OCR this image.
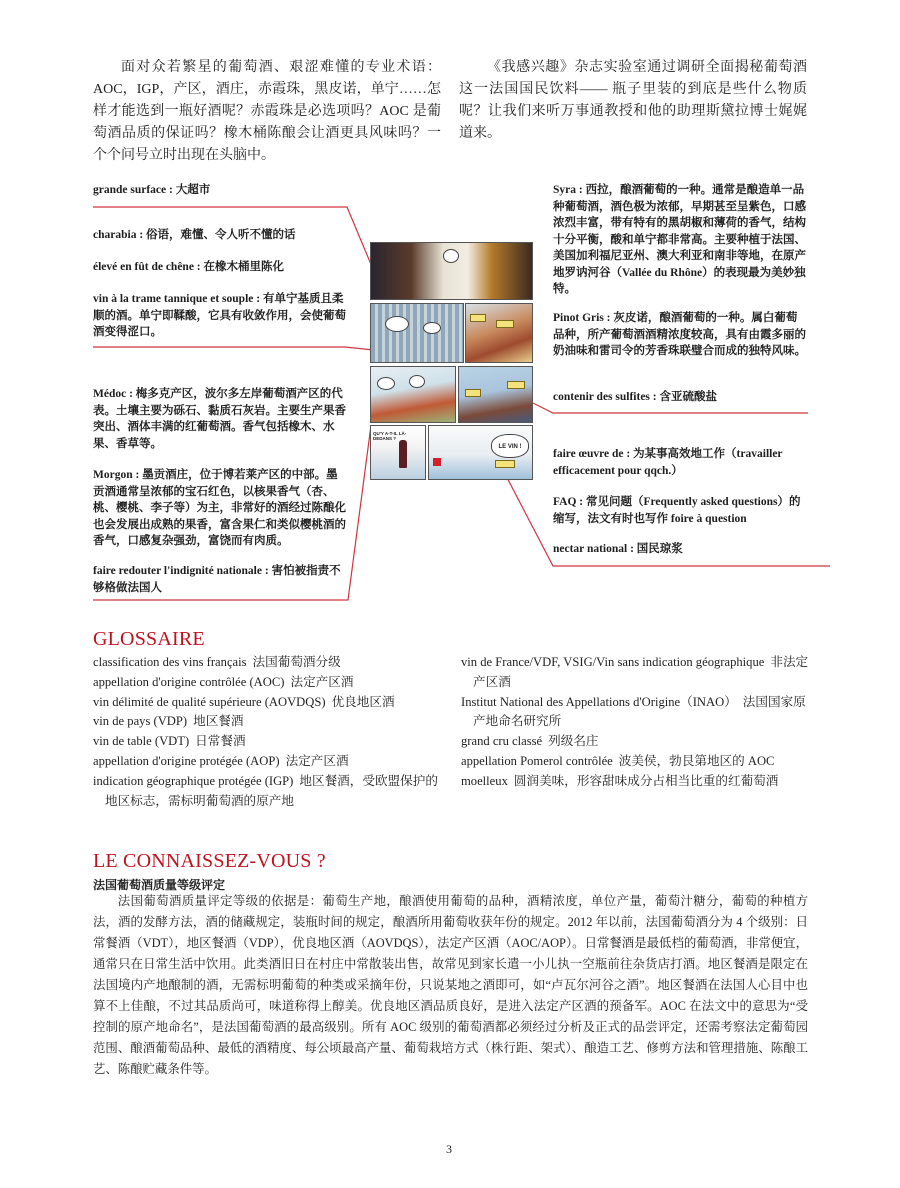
面对众若繁星的葡萄酒、艰涩难懂的专业术语：AOC，IGP，产区，酒庄，赤霞珠，黑皮诺，单宁……怎样才能选到一瓶好酒呢？赤霞珠是必选项吗？AOC 是葡萄酒品质的保证吗？橡木桶陈酿会让酒更具风味吗？一个个问号立时出现在头脑中。

《我感兴趣》杂志实验室通过调研全面揭秘葡萄酒这一法国国民饮料—— 瓶子里装的到底是些什么物质呢？让我们来听万事通教授和他的助理斯黛拉博士娓娓道来。

grande surface : 大超市

charabia : 俗语，难懂、令人听不懂的话

élevé en fût de chêne : 在橡木桶里陈化

vin à la trame tannique et souple : 有单宁基质且柔顺的酒。单宁即鞣酸，它具有收敛作用，会使葡萄酒变得涩口。

Médoc : 梅多克产区，波尔多左岸葡萄酒产区的代表。土壤主要为砾石、黏质石灰岩。主要生产果香突出、酒体丰满的红葡萄酒。香气包括橡木、水果、香草等。

Morgon : 墨贡酒庄，位于博若莱产区的中部。墨贡酒通常呈浓郁的宝石红色，以核果香气（杏、桃、樱桃、李子等）为主，非常好的酒经过陈酿化也会发展出成熟的果香，富含果仁和类似樱桃酒的香气，口感复杂强劲，富饶而有肉质。

faire redouter l'indignité nationale : 害怕被指责不够格做法国人

Syra : 西拉，酿酒葡萄的一种。通常是酿造单一品种葡萄酒，酒色极为浓郁，早期甚至呈紫色，口感浓烈丰富，带有特有的黑胡椒和薄荷的香气，结构十分平衡，酸和单宁都非常高。主要种植于法国、美国加利福尼亚州、澳大利亚和南非等地，在原产地罗讷河谷（Vallée du Rhône）的表现最为美妙独特。

Pinot Gris : 灰皮诺，酿酒葡萄的一种。属白葡萄品种，所产葡萄酒酒精浓度较高，具有由霞多丽的奶油味和雷司令的芳香珠联璧合而成的独特风味。

contenir des sulfites : 含亚硫酸盐

faire œuvre de : 为某事高效地工作（travailler efficacement pour qqch.）

FAQ : 常见问题（Frequently asked questions）的缩写，法文有时也写作 foire à question

nectar national : 国民琼浆

QU'Y A-T-IL LÀ-DEDANS ?
LE VIN !
GLOSSAIRE

classification des vins français 法国葡萄酒分级

appellation d'origine contrôlée (AOC) 法定产区酒

vin délimité de qualité supérieure (AOVDQS) 优良地区酒

vin de pays (VDP) 地区餐酒

vin de table (VDT) 日常餐酒

appellation d'origine protégée (AOP) 法定产区酒

indication géographique protégée (IGP) 地区餐酒，受欧盟保护的地区标志，需标明葡萄酒的原产地

vin de France/VDF, VSIG/Vin sans indication géographique 非法定产区酒

Institut National des Appellations d'Origine（INAO） 法国国家原产地命名研究所

grand cru classé 列级名庄

appellation Pomerol contrôlée 波美侯，勃艮第地区的 AOC

moelleux 圆润美味，形容甜味成分占相当比重的红葡萄酒

LE CONNAISSEZ-VOUS ?

法国葡萄酒质量等级评定

法国葡萄酒质量评定等级的依据是：葡萄生产地，酿酒使用葡萄的品种，酒精浓度，单位产量，葡萄汁糖分，葡萄的种植方法，酒的发酵方法，酒的储藏规定，装瓶时间的规定，酿酒所用葡萄收获年份的规定。2012 年以前，法国葡萄酒分为 4 个级别：日常餐酒（VDT），地区餐酒（VDP），优良地区酒（AOVDQS），法定产区酒（AOC/AOP）。日常餐酒是最低档的葡萄酒，非常便宜，通常只在日常生活中饮用。此类酒旧日在村庄中常散装出售，故常见到家长遣一小儿执一空瓶前往杂货店打酒。地区餐酒是限定在法国境内产地酿制的酒，无需标明葡萄的种类或采摘年份，只说某地之酒即可，如“卢瓦尔河谷之酒”。地区餐酒在法国人心目中也算不上佳酿，不过其品质尚可，味道称得上醇美。优良地区酒品质良好，是进入法定产区酒的预备军。AOC 在法文中的意思为“受控制的原产地命名”，是法国葡萄酒的最高级别。所有 AOC 级别的葡萄酒都必须经过分析及正式的品尝评定，还需考察法定葡萄园范围、酿酒葡萄品种、最低的酒精度、每公顷最高产量、葡萄栽培方式（株行距、架式）、酿造工艺、修剪方法和管理措施、陈酿工艺、陈酿贮藏条件等。

3
